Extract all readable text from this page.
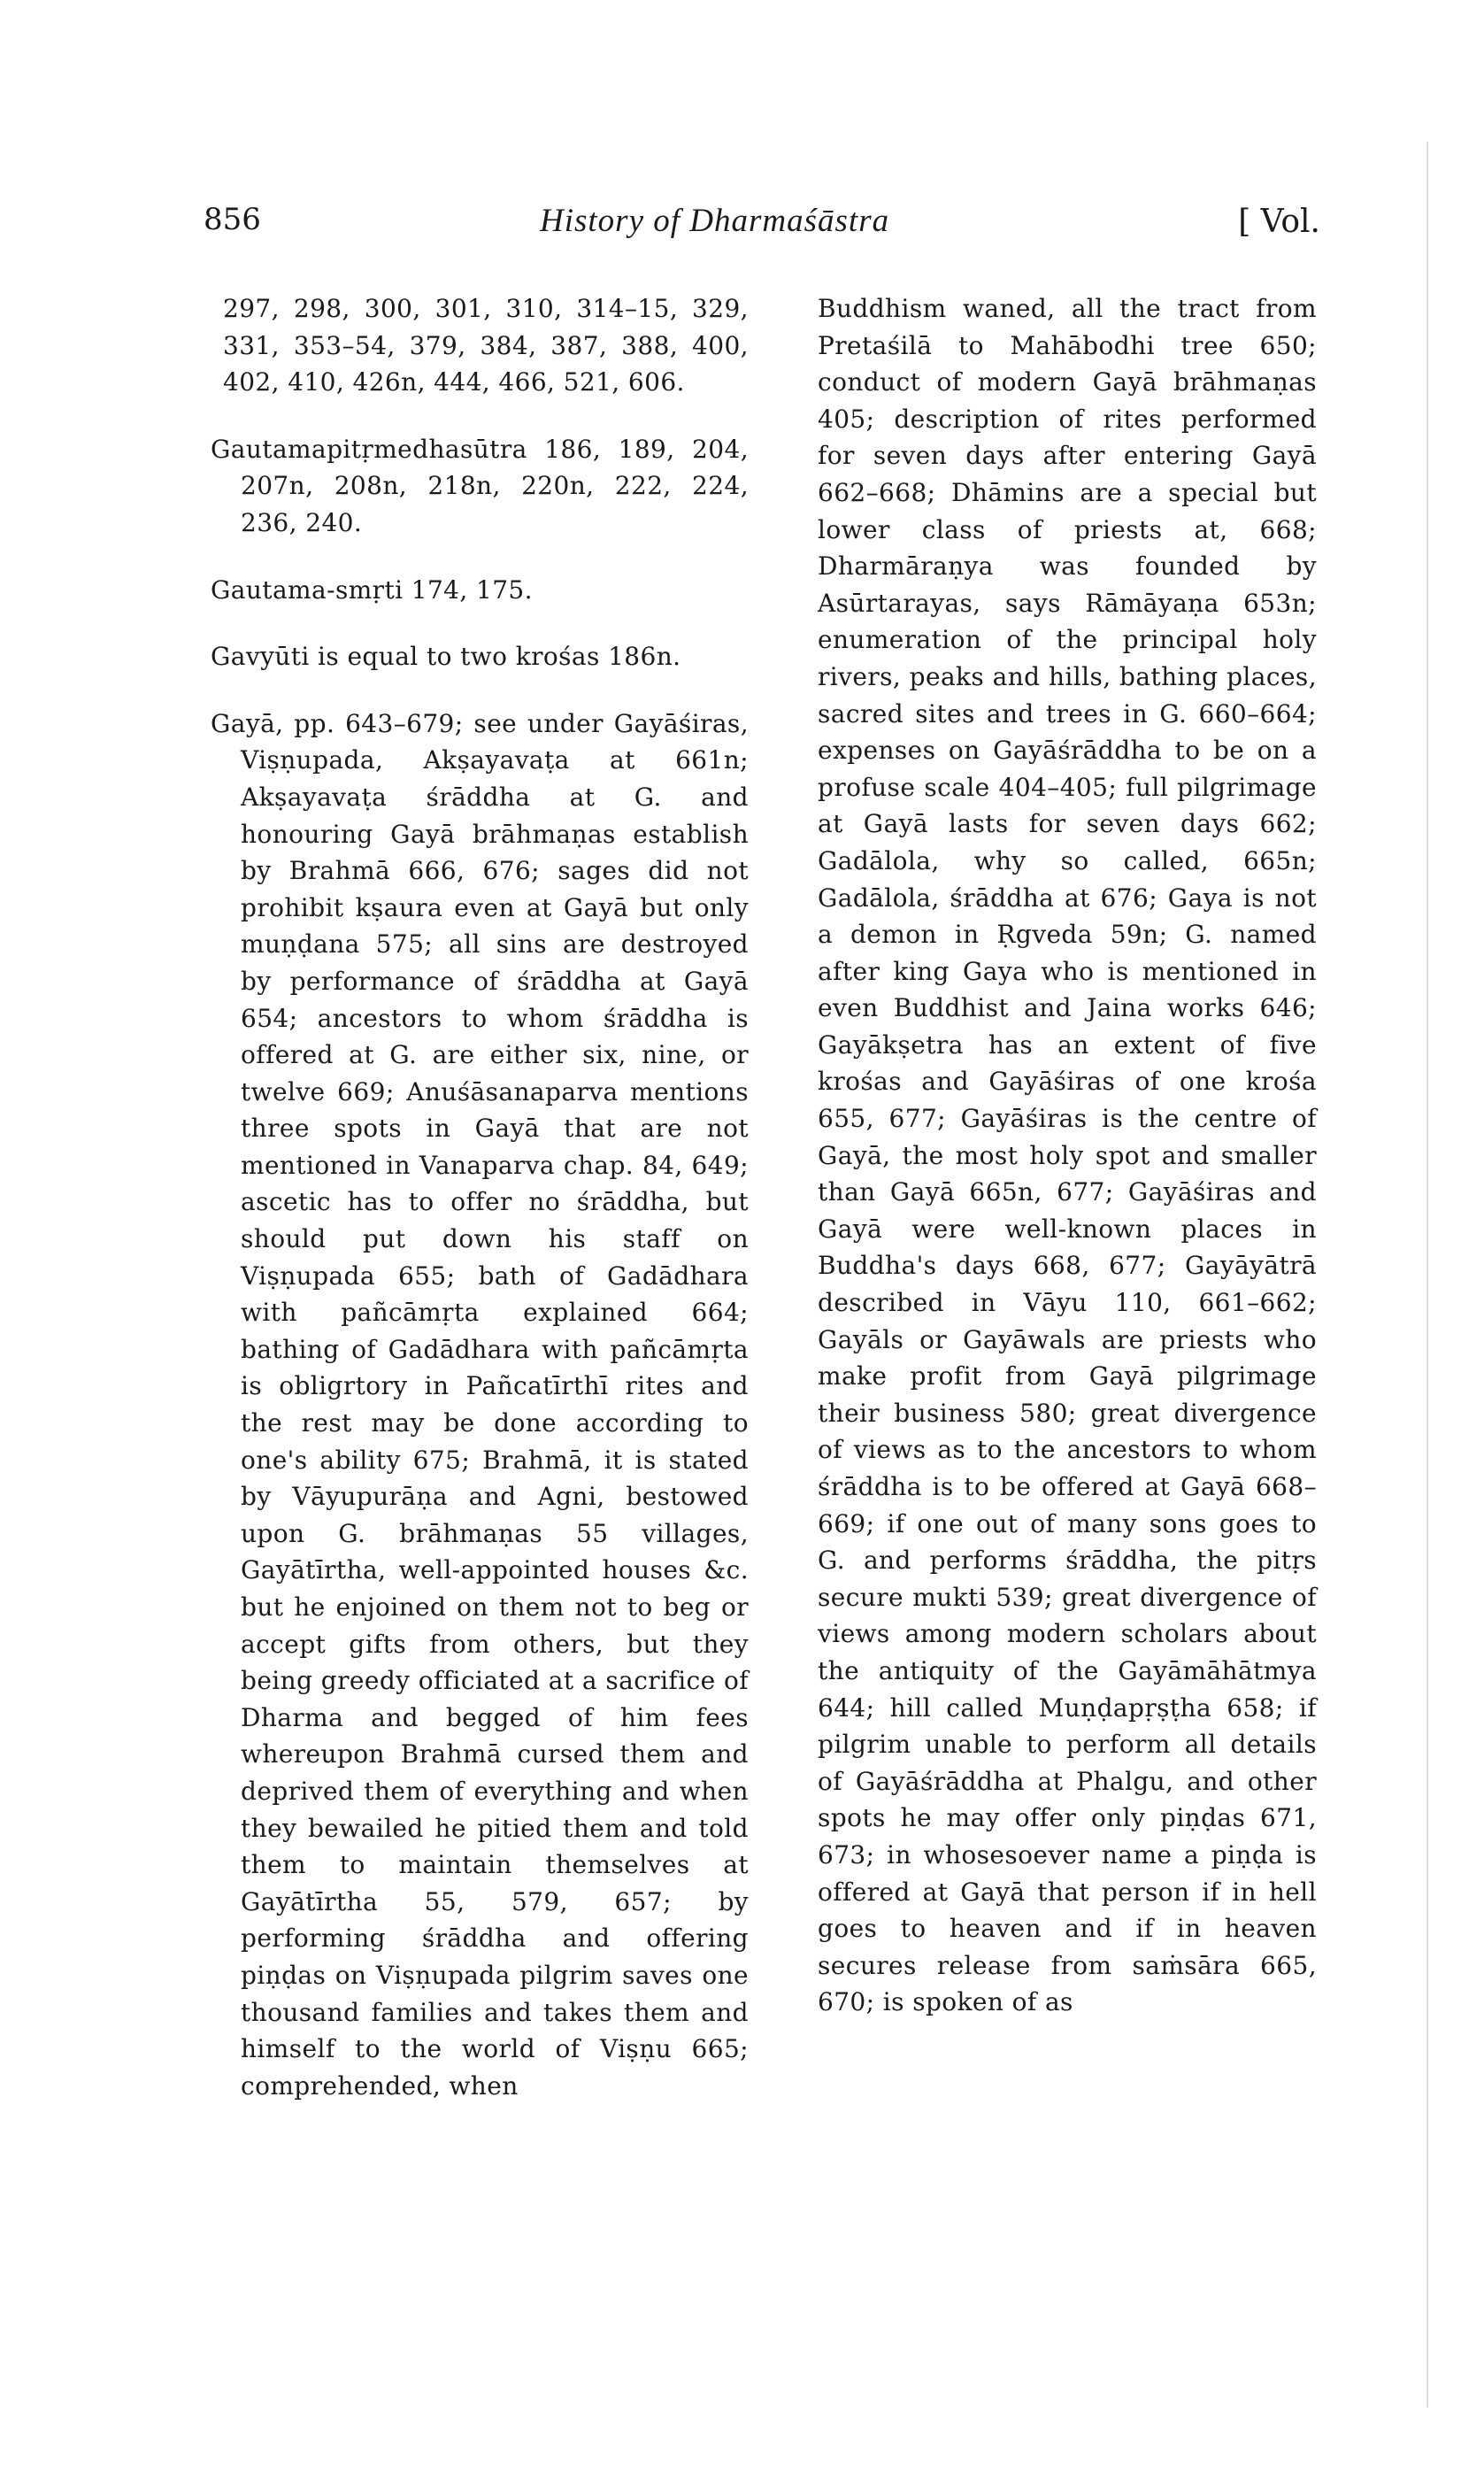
856	History of Dharmaśāstra	[ Vol.

297, 298, 300, 301, 310, 314–15, 329, 331, 353–54, 379, 384, 387, 388, 400, 402, 410, 426n, 444, 466, 521, 606.

Gautamapitṛmedhasūtra 186, 189, 204, 207n, 208n, 218n, 220n, 222, 224, 236, 240.

Gautama-smṛti 174, 175.

Gavyūti is equal to two krośas 186n.

Gayā, pp. 643–679; see under Gayāśiras, Viṣṇupada, Akṣayavaṭa at 661n; Akṣayavaṭa śrāddha at G. and honouring Gayā brāhmaṇas establish by Brahmā 666, 676; sages did not prohibit kṣaura even at Gayā but only muṇḍana 575; all sins are destroyed by performance of śrāddha at Gayā 654; ancestors to whom śrāddha is offered at G. are either six, nine, or twelve 669; Anuśāsanaparva mentions three spots in Gayā that are not mentioned in Vanaparva chap. 84, 649; ascetic has to offer no śrāddha, but should put down his staff on Viṣṇupada 655; bath of Gadādhara with pañcāmṛta explained 664; bathing of Gadādhara with pañcāmṛta is obligrtory in Pañcatīrthī rites and the rest may be done according to one's ability 675; Brahmā, it is stated by Vāyupurāṇa and Agni, bestowed upon G. brāhmaṇas 55 villages, Gayātīrtha, well-appointed houses &c. but he enjoined on them not to beg or accept gifts from others, but they being greedy officiated at a sacrifice of Dharma and begged of him fees whereupon Brahmā cursed them and deprived them of everything and when they bewailed he pitied them and told them to maintain themselves at Gayātīrtha 55, 579, 657; by performing śrāddha and offering piṇḍas on Viṣṇupada pilgrim saves one thousand families and takes them and himself to the world of Viṣṇu 665; comprehended, when

Buddhism waned, all the tract from Pretaśilā to Mahābodhi tree 650; conduct of modern Gayā brāhmaṇas 405; description of rites performed for seven days after entering Gayā 662–668; Dhāmins are a special but lower class of priests at, 668; Dharmāraṇya was founded by Asūrtarayas, says Rāmāyaṇa 653n; enumeration of the principal holy rivers, peaks and hills, bathing places, sacred sites and trees in G. 660–664; expenses on Gayāśrāddha to be on a profuse scale 404–405; full pilgrimage at Gayā lasts for seven days 662; Gadālola, why so called, 665n; Gadālola, śrāddha at 676; Gaya is not a demon in Ṛgveda 59n; G. named after king Gaya who is mentioned in even Buddhist and Jaina works 646; Gayākṣetra has an extent of five krośas and Gayāśiras of one krośa 655, 677; Gayāśiras is the centre of Gayā, the most holy spot and smaller than Gayā 665n, 677; Gayāśiras and Gayā were well-known places in Buddha's days 668, 677; Gayāyātrā described in Vāyu 110, 661–662; Gayāls or Gayāwals are priests who make profit from Gayā pilgrimage their business 580; great divergence of views as to the ancestors to whom śrāddha is to be offered at Gayā 668–669; if one out of many sons goes to G. and performs śrāddha, the pitṛs secure mukti 539; great divergence of views among modern scholars about the antiquity of the Gayāmāhātmya 644; hill called Muṇḍapṛṣṭha 658; if pilgrim unable to perform all details of Gayāśrāddha at Phalgu, and other spots he may offer only piṇḍas 671, 673; in whosesoever name a piṇḍa is offered at Gayā that person if in hell goes to heaven and if in heaven secures release from saṁsāra 665, 670; is spoken of as
